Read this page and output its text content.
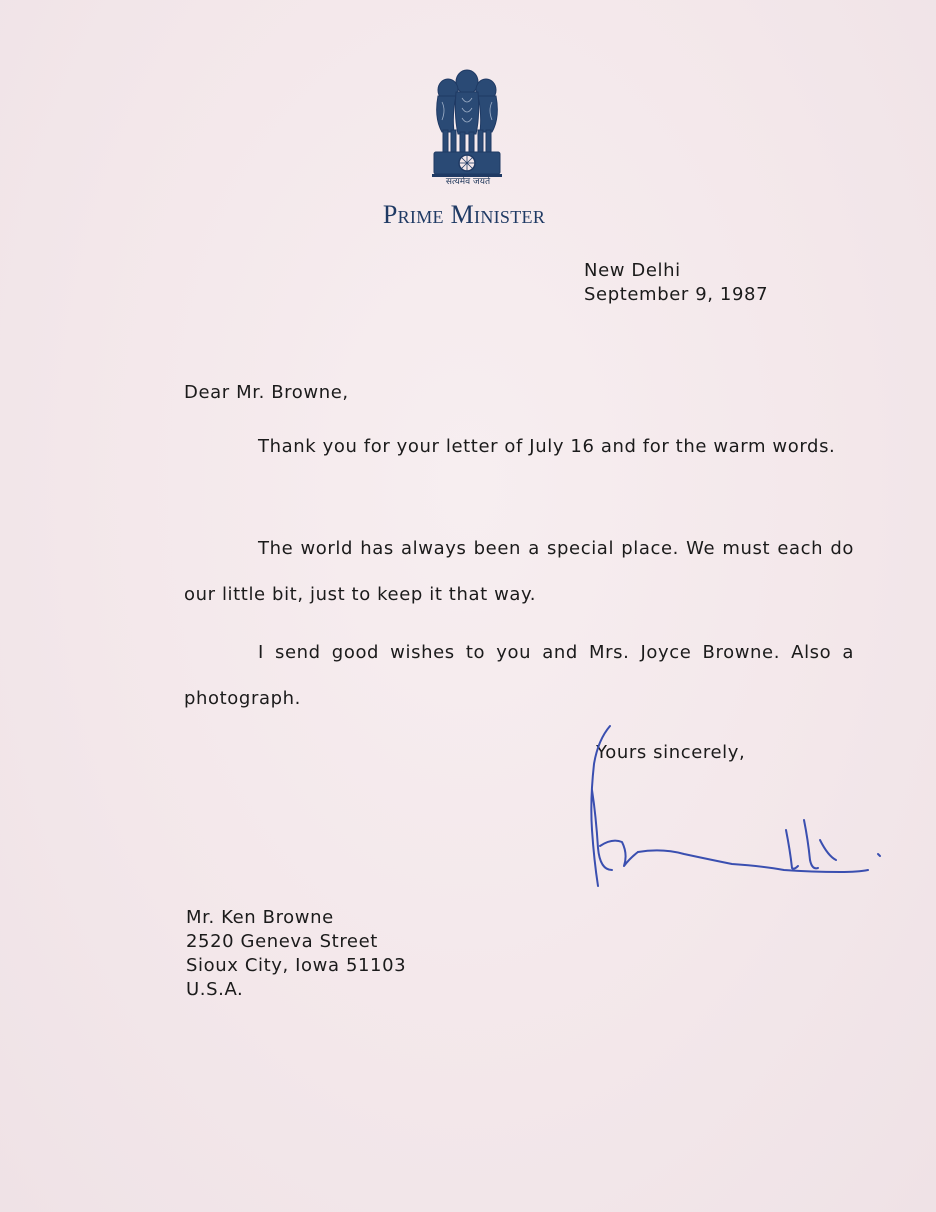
सत्यमेव जयते
Prime Minister
New Delhi
September 9, 1987
Dear Mr. Browne,
Thank you for your letter of July 16 and for the warm words.
The world has always been a special place. We must each do our little bit, just to keep it that way.
I send good wishes to you and Mrs. Joyce Browne. Also a photograph.
Yours sincerely,
Mr. Ken Browne
2520 Geneva Street
Sioux City, Iowa 51103
U.S.A.
